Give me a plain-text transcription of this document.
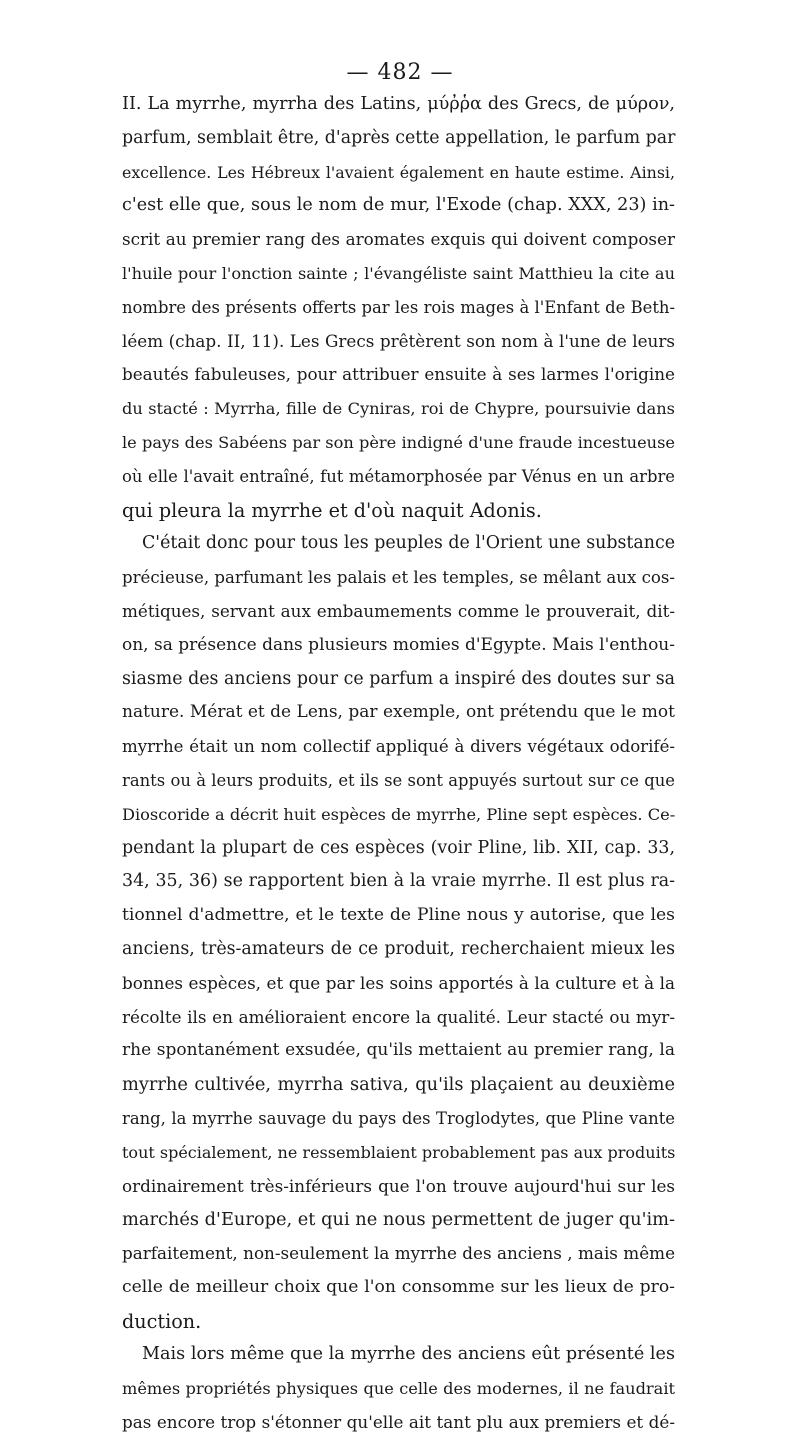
— 482 —
II. La myrrhe, myrrha des Latins, μύῤῥα des Grecs, de μύρον,
parfum, semblait être, d'après cette appellation, le parfum par
excellence. Les Hébreux l'avaient également en haute estime. Ainsi,
c'est elle que, sous le nom de mur, l'Exode (chap. XXX, 23) in-
scrit au premier rang des aromates exquis qui doivent composer
l'huile pour l'onction sainte ; l'évangéliste saint Matthieu la cite au
nombre des présents offerts par les rois mages à l'Enfant de Beth-
léem (chap. II, 11). Les Grecs prêtèrent son nom à l'une de leurs
beautés fabuleuses, pour attribuer ensuite à ses larmes l'origine
du stacté : Myrrha, fille de Cyniras, roi de Chypre, poursuivie dans
le pays des Sabéens par son père indigné d'une fraude incestueuse
où elle l'avait entraîné, fut métamorphosée par Vénus en un arbre
qui pleura la myrrhe et d'où naquit Adonis.
C'était donc pour tous les peuples de l'Orient une substance
précieuse, parfumant les palais et les temples, se mêlant aux cos-
métiques, servant aux embaumements comme le prouverait, dit-
on, sa présence dans plusieurs momies d'Egypte. Mais l'enthou-
siasme des anciens pour ce parfum a inspiré des doutes sur sa
nature. Mérat et de Lens, par exemple, ont prétendu que le mot
myrrhe était un nom collectif appliqué à divers végétaux odorifé-
rants ou à leurs produits, et ils se sont appuyés surtout sur ce que
Dioscoride a décrit huit espèces de myrrhe, Pline sept espèces. Ce-
pendant la plupart de ces espèces (voir Pline, lib. XII, cap. 33,
34, 35, 36) se rapportent bien à la vraie myrrhe. Il est plus ra-
tionnel d'admettre, et le texte de Pline nous y autorise, que les
anciens, très-amateurs de ce produit, recherchaient mieux les
bonnes espèces, et que par les soins apportés à la culture et à la
récolte ils en amélioraient encore la qualité. Leur stacté ou myr-
rhe spontanément exsudée, qu'ils mettaient au premier rang, la
myrrhe cultivée, myrrha sativa, qu'ils plaçaient au deuxième
rang, la myrrhe sauvage du pays des Troglodytes, que Pline vante
tout spécialement, ne ressemblaient probablement pas aux produits
ordinairement très-inférieurs que l'on trouve aujourd'hui sur les
marchés d'Europe, et qui ne nous permettent de juger qu'im-
parfaitement, non-seulement la myrrhe des anciens , mais même
celle de meilleur choix que l'on consomme sur les lieux de pro-
duction.
Mais lors même que la myrrhe des anciens eût présenté les
mêmes propriétés physiques que celle des modernes, il ne faudrait
pas encore trop s'étonner qu'elle ait tant plu aux premiers et dé-
